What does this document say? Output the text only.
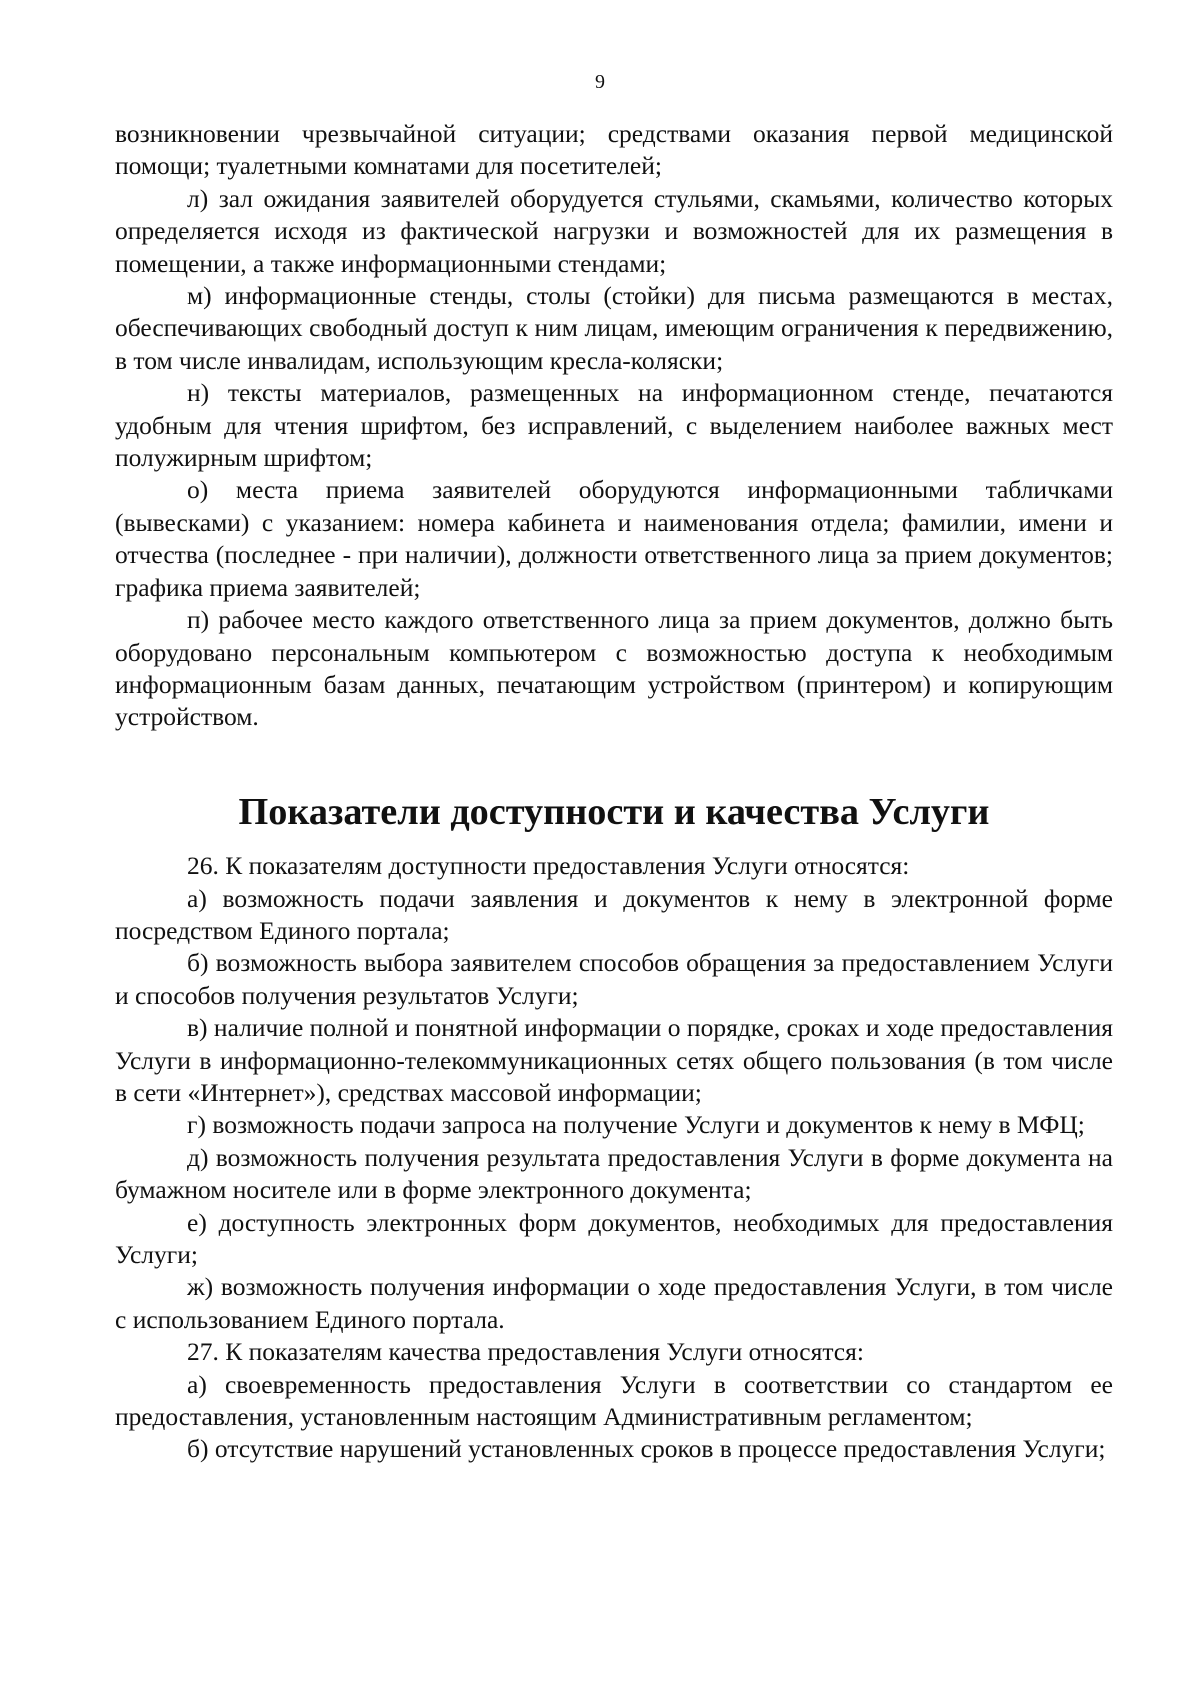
9

возникновении чрезвычайной ситуации; средствами оказания первой медицинской помощи; туалетными комнатами для посетителей;

л) зал ожидания заявителей оборудуется стульями, скамьями, количество которых определяется исходя из фактической нагрузки и возможностей для их размещения в помещении, а также информационными стендами;

м) информационные стенды, столы (стойки) для письма размещаются в местах, обеспечивающих свободный доступ к ним лицам, имеющим ограничения к передвижению, в том числе инвалидам, использующим кресла-коляски;

н) тексты материалов, размещенных на информационном стенде, печатаются удобным для чтения шрифтом, без исправлений, с выделением наиболее важных мест полужирным шрифтом;

о) места приема заявителей оборудуются информационными табличками (вывесками) с указанием: номера кабинета и наименования отдела; фамилии, имени и отчества (последнее - при наличии), должности ответственного лица за прием документов; графика приема заявителей;

п) рабочее место каждого ответственного лица за прием документов, должно быть оборудовано персональным компьютером с возможностью доступа к необходимым информационным базам данных, печатающим устройством (принтером) и копирующим устройством.

Показатели доступности и качества Услуги

26. К показателям доступности предоставления Услуги относятся:

а) возможность подачи заявления и документов к нему в электронной форме посредством Единого портала;

б) возможность выбора заявителем способов обращения за предоставлением Услуги и способов получения результатов Услуги;

в) наличие полной и понятной информации о порядке, сроках и ходе предоставления Услуги в информационно-телекоммуникационных сетях общего пользования (в том числе в сети «Интернет»), средствах массовой информации;

г) возможность подачи запроса на получение Услуги и документов к нему в МФЦ;

д) возможность получения результата предоставления Услуги в форме документа на бумажном носителе или в форме электронного документа;

е) доступность электронных форм документов, необходимых для предоставления Услуги;

ж) возможность получения информации о ходе предоставления Услуги, в том числе с использованием Единого портала.

27. К показателям качества предоставления Услуги относятся:

а) своевременность предоставления Услуги в соответствии со стандартом ее предоставления, установленным настоящим Административным регламентом;

б) отсутствие нарушений установленных сроков в процессе предоставления Услуги;
